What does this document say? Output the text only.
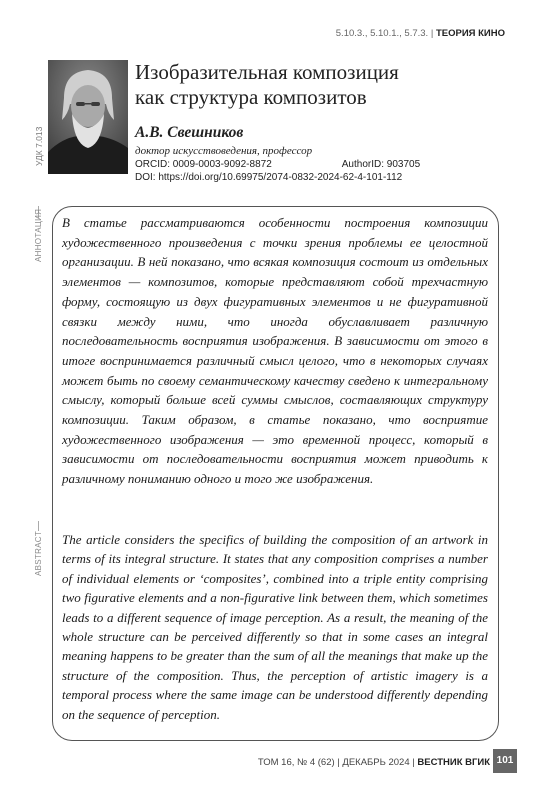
5.10.3., 5.10.1., 5.7.3. | ТЕОРИЯ КИНО
Изобразительная композиция
как структура композитов
А.В. Свешников
доктор искусствоведения, профессор
ORCID: 0009-0003-9092-8872	AuthorID: 903705
DOI: https://doi.org/10.69975/2074-0832-2024-62-4-101-112
УДК 7.013
АННОТАЦИЯ
ABSTRACT

В статье рассматриваются особенности построения композиции художественного произведения с точки зрения проблемы ее целостной организации. В ней показано, что всякая композиция состоит из отдельных элементов — композитов, которые представляют собой трехчастную форму, состоящую из двух фигуративных элементов и не фигуративной связки между ними, что иногда обуславливает различную последовательность восприятия изображения. В зависимости от этого в итоге воспринимается различный смысл целого, что в некоторых случаях может быть по своему семантическому качеству сведено к интегральному смыслу, который больше всей суммы смыслов, составляющих структуру композиции. Таким образом, в статье показано, что восприятие художественного изображения — это временной процесс, который в зависимости от последовательности восприятия может приводить к различному пониманию одного и того же изображения.

The article considers the specifics of building the composition of an artwork in terms of its integral structure. It states that any composition comprises a number of individual elements or ‘composites’, combined into a triple entity comprising two figurative elements and a non-figurative link between them, which sometimes leads to a different sequence of image perception. As a result, the meaning of the whole structure can be perceived differently so that in some cases an integral meaning happens to be greater than the sum of all the meanings that make up the structure of the composition. Thus, the perception of artistic imagery is a temporal process where the same image can be understood differently depending on the sequence of perception.

ТОМ 16, № 4 (62) | ДЕКАБРЬ 2024 | ВЕСТНИК ВГИК 101
